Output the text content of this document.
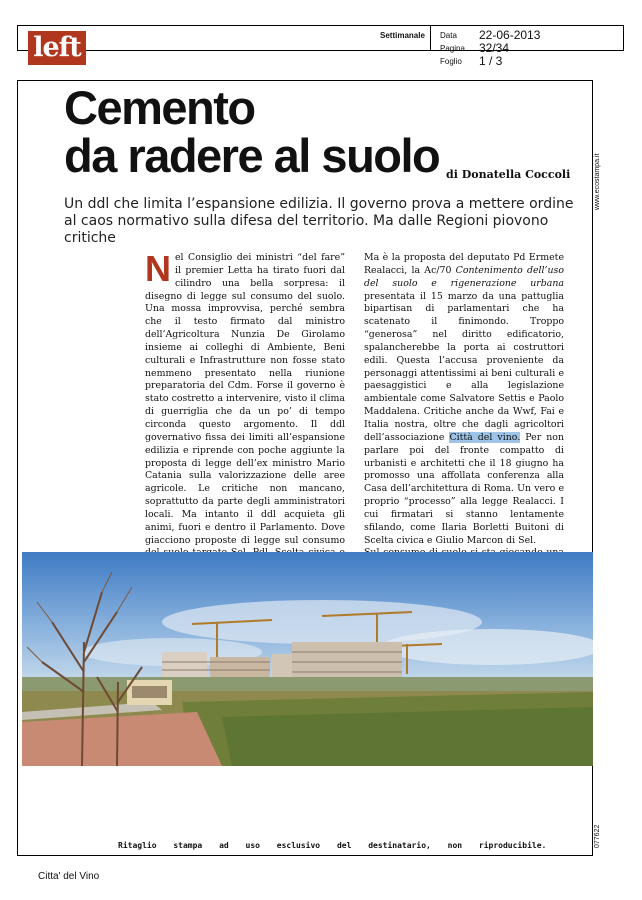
left	Settimanale Data 22-06-2013
Pagina 32/34
Foglio 1 / 3
www.ecostampa.it
077622
Cemento
da radere al suolo di Donatella Coccoli

Un ddl che limita l’espansione edilizia. Il governo prova a mettere ordine al caos normativo sulla difesa del territorio. Ma dalle Regioni piovono critiche

Nel Consiglio dei ministri “del fare” il premier Letta ha tirato fuori dal cilindro una bella sorpresa: il disegno di legge sul consumo del suolo. Una mossa improvvisa, perché sembra che il testo firmato dal ministro dell’Agricoltura Nunzia De Girolamo insieme ai colleghi di Ambiente, Beni culturali e Infrastrutture non fosse stato nemmeno presentato nella riunione preparatoria del Cdm. Forse il governo è stato costretto a intervenire, visto il clima di guerriglia che da un po’ di tempo circonda questo argomento. Il ddl governativo fissa dei limiti all’espansione edilizia e riprende con poche aggiunte la proposta di legge dell’ex ministro Mario Catania sulla valorizzazione delle aree agricole. Le critiche non mancano, soprattutto da parte degli amministratori locali. Ma intanto il ddl acquieta gli animi, fuori e dentro il Parlamento. Dove giacciono proposte di legge sul consumo

Ma è la proposta del deputato Pd Ermete Realacci, la Ac/70 Contenimento dell’uso del suolo e rigenerazione urbana presentata il 15 marzo da una pattuglia bipartisan di parlamentari che ha scatenato il finimondo. Troppo “generosa” nel diritto edificatorio, spalancherebbe la porta ai costruttori edili. Questa l’accusa proveniente da personaggi attentissimi ai beni culturali e paesaggistici e alla legislazione ambientale come Salvatore Settis e Paolo Maddalena. Critiche anche da Wwf, Fai e Italia nostra, oltre che dagli agricoltori dell’associazione Città del vino. Per non parlare poi del fronte compatto di urbanisti e architetti che il 18 giugno ha promosso una affollata conferenza alla Casa dell’architettura di Roma. Un vero e proprio “processo” alla legge Realacci. I cui firmatari si stanno lentamente sfilando, come Ilaria Borletti Buitoni di Scelta civica e Giulio Marcon di Sel.

Ritaglio stampa ad uso esclusivo del destinatario, non riproducibile.
Citta' del Vino
